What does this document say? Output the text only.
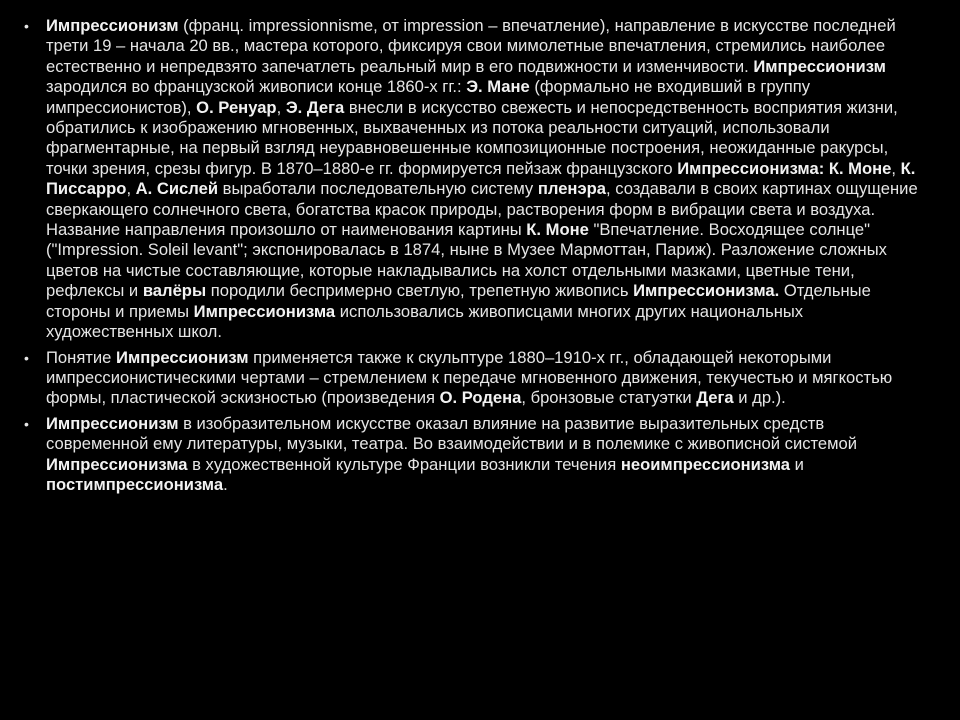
• Импрессионизм (франц. impressionnisme, от impression – впечатление), направление в искусстве последней трети 19 – начала 20 вв., мастера которого, фиксируя свои мимолетные впечатления, стремились наиболее естественно и непредвзято запечатлеть реальный мир в его подвижности и изменчивости. Импрессионизм зародился во французской живописи конце 1860-х гг.: Э. Мане (формально не входивший в группу импрессионистов), О. Ренуар, Э. Дега внесли в искусство свежесть и непосредственность восприятия жизни, обратились к изображению мгновенных, выхваченных из потока реальности ситуаций, использовали фрагментарные, на первый взгляд неуравновешенные композиционные построения, неожиданные ракурсы, точки зрения, срезы фигур. В 1870–1880-е гг. формируется пейзаж французского Импрессионизма: К. Моне, К. Писсарро, А. Сислей выработали последовательную систему пленэра, создавали в своих картинах ощущение сверкающего солнечного света, богатства красок природы, растворения форм в вибрации света и воздуха. Название направления произошло от наименования картины К. Моне "Впечатление. Восходящее солнце" ("Impression. Soleil levant"; экспонировалась в 1874, ныне в Музее Мармоттан, Париж). Разложение сложных цветов на чистые составляющие, которые накладывались на холст отдельными мазками, цветные тени, рефлексы и валёры породили беспримерно светлую, трепетную живопись Импрессионизма. Отдельные стороны и приемы Импрессионизма использовались живописцами многих других национальных художественных школ.
• Понятие Импрессионизм применяется также к скульптуре 1880–1910-х гг., обладающей некоторыми импрессионистическими чертами – стремлением к передаче мгновенного движения, текучестью и мягкостью формы, пластической эскизностью (произведения О. Родена, бронзовые статуэтки Дега и др.).
• Импрессионизм в изобразительном искусстве оказал влияние на развитие выразительных средств современной ему литературы, музыки, театра. Во взаимодействии и в полемике с живописной системой Импрессионизма в художественной культуре Франции возникли течения неоимпрессионизма и постимпрессионизма.
